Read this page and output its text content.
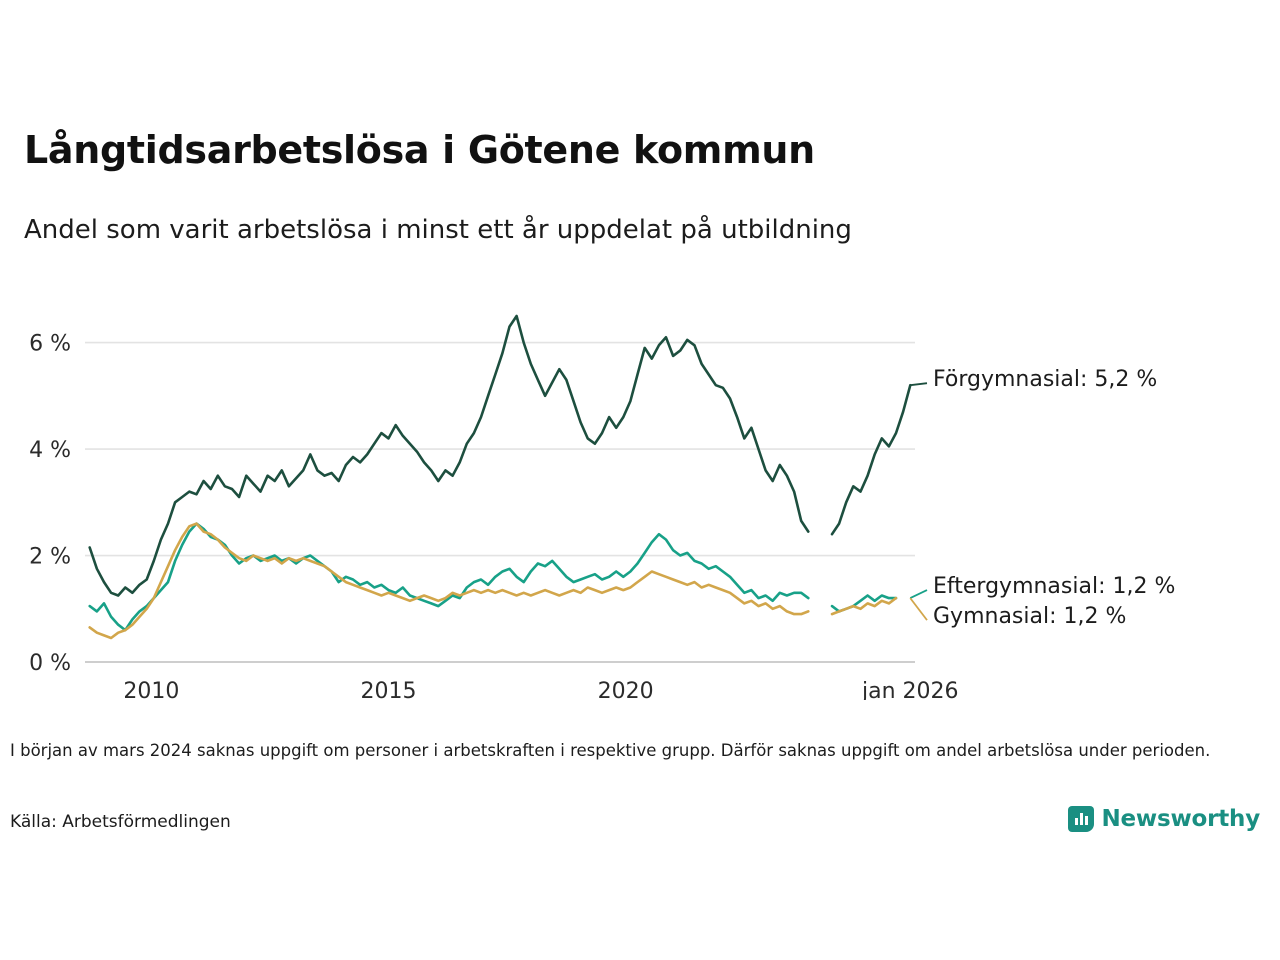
Långtidsarbetslösa i Götene kommun
Andel som varit arbetslösa i minst ett år uppdelat på utbildning
0 %
2 %
4 %
6 %
2010	2015	2020	jan 2026
Förgymnasial: 5,2 %
Eftergymnasial: 1,2 %
Gymnasial: 1,2 %
I början av mars 2024 saknas uppgift om personer i arbetskraften i respektive grupp. Därför saknas uppgift om andel arbetslösa under perioden.
Källa: Arbetsförmedlingen	Newsworthy
